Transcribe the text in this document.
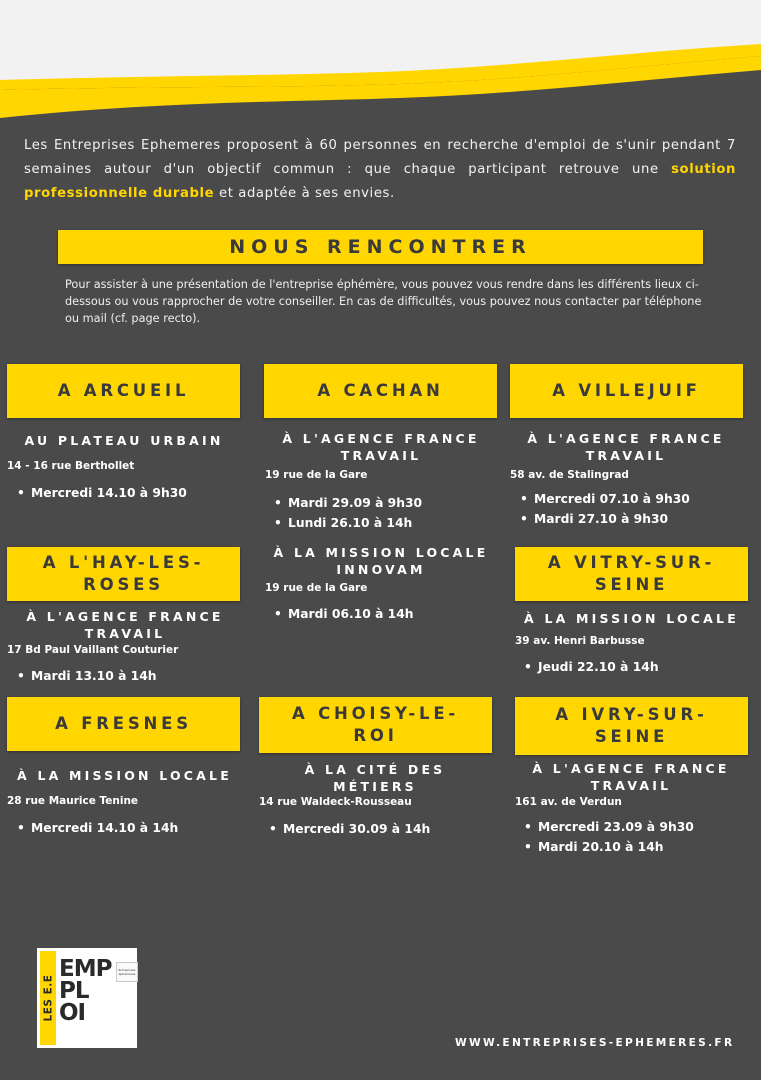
Les Entreprises Ephemeres proposent à 60 personnes en recherche d'emploi de s'unir pendant 7 semaines autour d'un objectif commun : que chaque participant retrouve une solution professionnelle durable et adaptée à ses envies.
NOUS RENCONTRER
Pour assister à une présentation de l'entreprise éphémère, vous pouvez vous rendre dans les différents lieux ci-dessous ou vous rapprocher de votre conseiller. En cas de difficultés, vous pouvez nous contacter par téléphone ou mail (cf. page recto).
A ARCUEIL
AU PLATEAU URBAIN
14 - 16 rue Berthollet
• Mercredi 14.10 à 9h30
A CACHAN
À L'AGENCE FRANCE TRAVAIL
19 rue de la Gare
• Mardi 29.09 à 9h30
• Lundi 26.10 à 14h
À LA MISSION LOCALE INNOVAM
19 rue de la Gare
• Mardi 06.10 à 14h
A VILLEJUIF
À L'AGENCE FRANCE TRAVAIL
58 av. de Stalingrad
• Mercredi 07.10 à 9h30
• Mardi 27.10 à 9h30
A L'HAY-LES-ROSES
À L'AGENCE FRANCE TRAVAIL
17 Bd Paul Vaillant Couturier
• Mardi 13.10 à 14h
A VITRY-SUR-SEINE
À LA MISSION LOCALE
39 av. Henri Barbusse
• Jeudi 22.10 à 14h
A FRESNES
À LA MISSION LOCALE
28 rue Maurice Tenine
• Mercredi 14.10 à 14h
A CHOISY-LE-ROI
À LA CITÉ DES MÉTIERS
14 rue Waldeck-Rousseau
• Mercredi 30.09 à 14h
A IVRY-SUR-SEINE
À L'AGENCE FRANCE TRAVAIL
161 av. de Verdun
• Mercredi 23.09 à 9h30
• Mardi 20.10 à 14h
LES E.E
EMP
PL
OI
Entreprises éphémères
WWW.ENTREPRISES-EPHEMERES.FR
